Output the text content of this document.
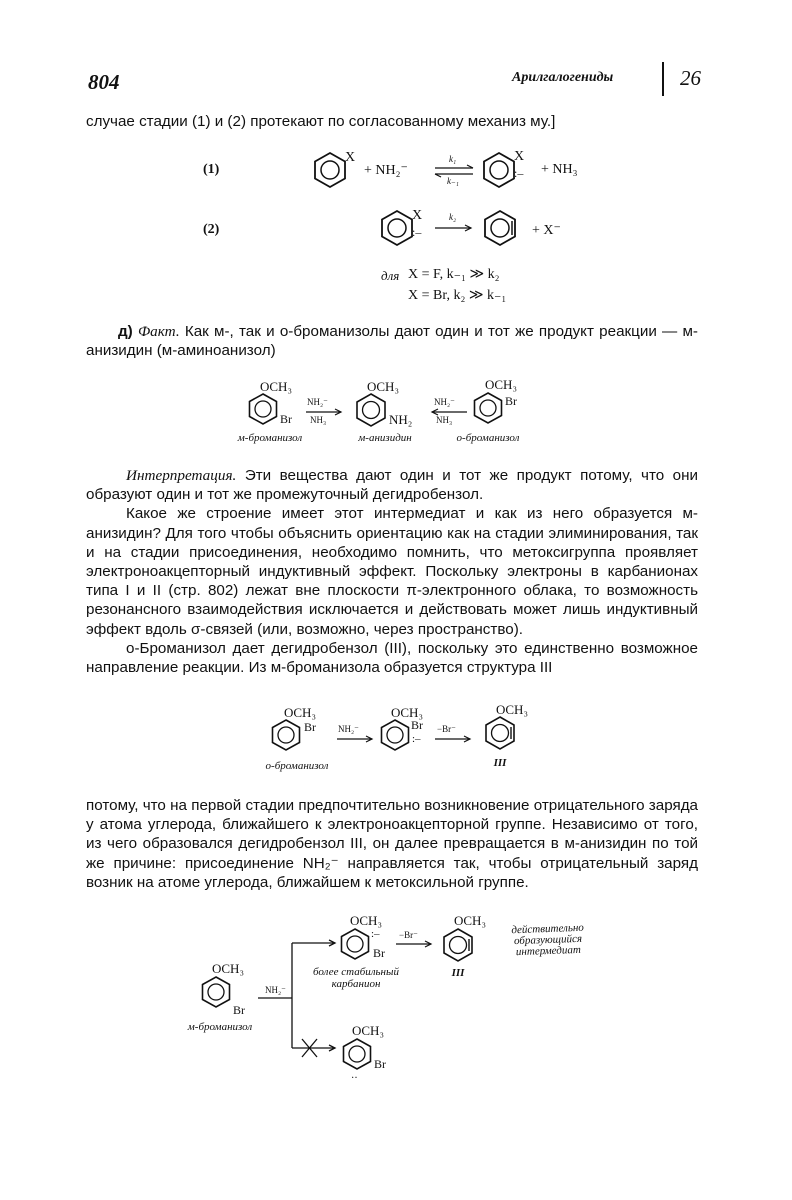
804	Арилгалогениды	26

случае стадии (1) и (2) протекают по согласованному механиз му.]

(1)
(2)
X
+ NH₂⁻
k₁
k₋₁
X
:– + NH₃
X
:–
k₂
+ X⁻
для X = F, k₋₁ ≫ k₂
X = Br, k₂ ≫ k₋₁

д) Факт. Как м-, так и о-броманизолы дают один и тот же продукт реакции — м-анизидин (м-аминоанизол)

OCH₃
Br
NH₂⁻
NH₃
OCH₃
NH₂
NH₂⁻
NH₃
OCH₃
Br
м-броманизол	м-анизидин	о-броманизол

Интерпретация. Эти вещества дают один и тот же продукт потому, что они образуют один и тот же промежуточный дегидробензол.

Какое же строение имеет этот интермедиат и как из него образуется м-анизидин? Для того чтобы объяснить ориентацию как на стадии элиминирования, так и на стадии присоединения, необходимо помнить, что метоксигруппа проявляет электроноакцепторный индуктивный эффект. Поскольку электроны в карбанионах типа I и II (стр. 802) лежат вне плоскости π-электронного облака, то возможность резонансного взаимодействия исключается и действовать может лишь индуктивный эффект вдоль σ-связей (или, возможно, через пространство).

о-Броманизол дает дегидробензол (III), поскольку это единственно возможное направление реакции. Из м-броманизола образуется структура III

OCH₃
Br NH₂⁻
OCH₃
Br
:–
−Br⁻
OCH₃
о-броманизол	III

потому, что на первой стадии предпочтительно возникновение отрицательного заряда у атома углерода, ближайшего к электроноакцепторной группе. Независимо от того, из чего образовался дегидробензол III, он далее превращается в м-анизидин по той же причине: присоединение NH₂⁻ направляется так, чтобы отрицательный заряд возник на атоме углерода, ближайшем к метоксильной группе.

OCH₃
Br
м-броманизол
NH₂⁻
OCH₃
:–
Br
более стабильный
карбанион
−Br⁻
OCH₃
III
действительно
образующийся
интермедиат
OCH₃
Br
‥
